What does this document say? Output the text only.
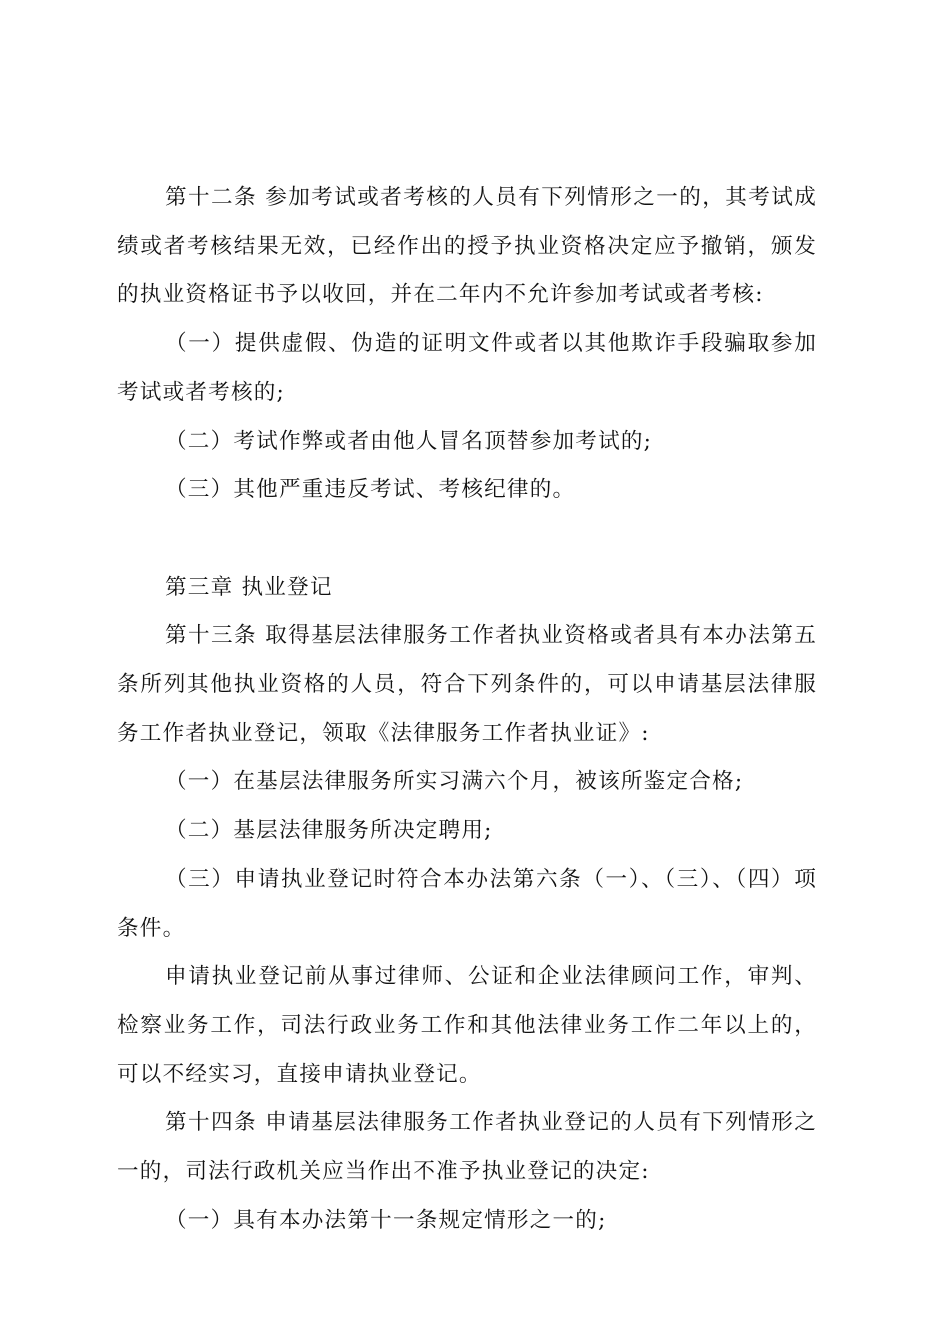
第十二条 参加考试或者考核的人员有下列情形之一的，其考试成绩或者考核结果无效，已经作出的授予执业资格决定应予撤销，颁发的执业资格证书予以收回，并在二年内不允许参加考试或者考核:

（一）提供虚假、伪造的证明文件或者以其他欺诈手段骗取参加考试或者考核的;

（二）考试作弊或者由他人冒名顶替参加考试的;

（三）其他严重违反考试、考核纪律的。

第三章 执业登记

第十三条 取得基层法律服务工作者执业资格或者具有本办法第五条所列其他执业资格的人员，符合下列条件的，可以申请基层法律服务工作者执业登记，领取《法律服务工作者执业证》:

（一）在基层法律服务所实习满六个月，被该所鉴定合格;

（二）基层法律服务所决定聘用;

（三）申请执业登记时符合本办法第六条（一）、（三）、（四）项条件。

申请执业登记前从事过律师、公证和企业法律顾问工作，审判、检察业务工作，司法行政业务工作和其他法律业务工作二年以上的，可以不经实习，直接申请执业登记。

第十四条 申请基层法律服务工作者执业登记的人员有下列情形之一的，司法行政机关应当作出不准予执业登记的决定:

（一）具有本办法第十一条规定情形之一的;
